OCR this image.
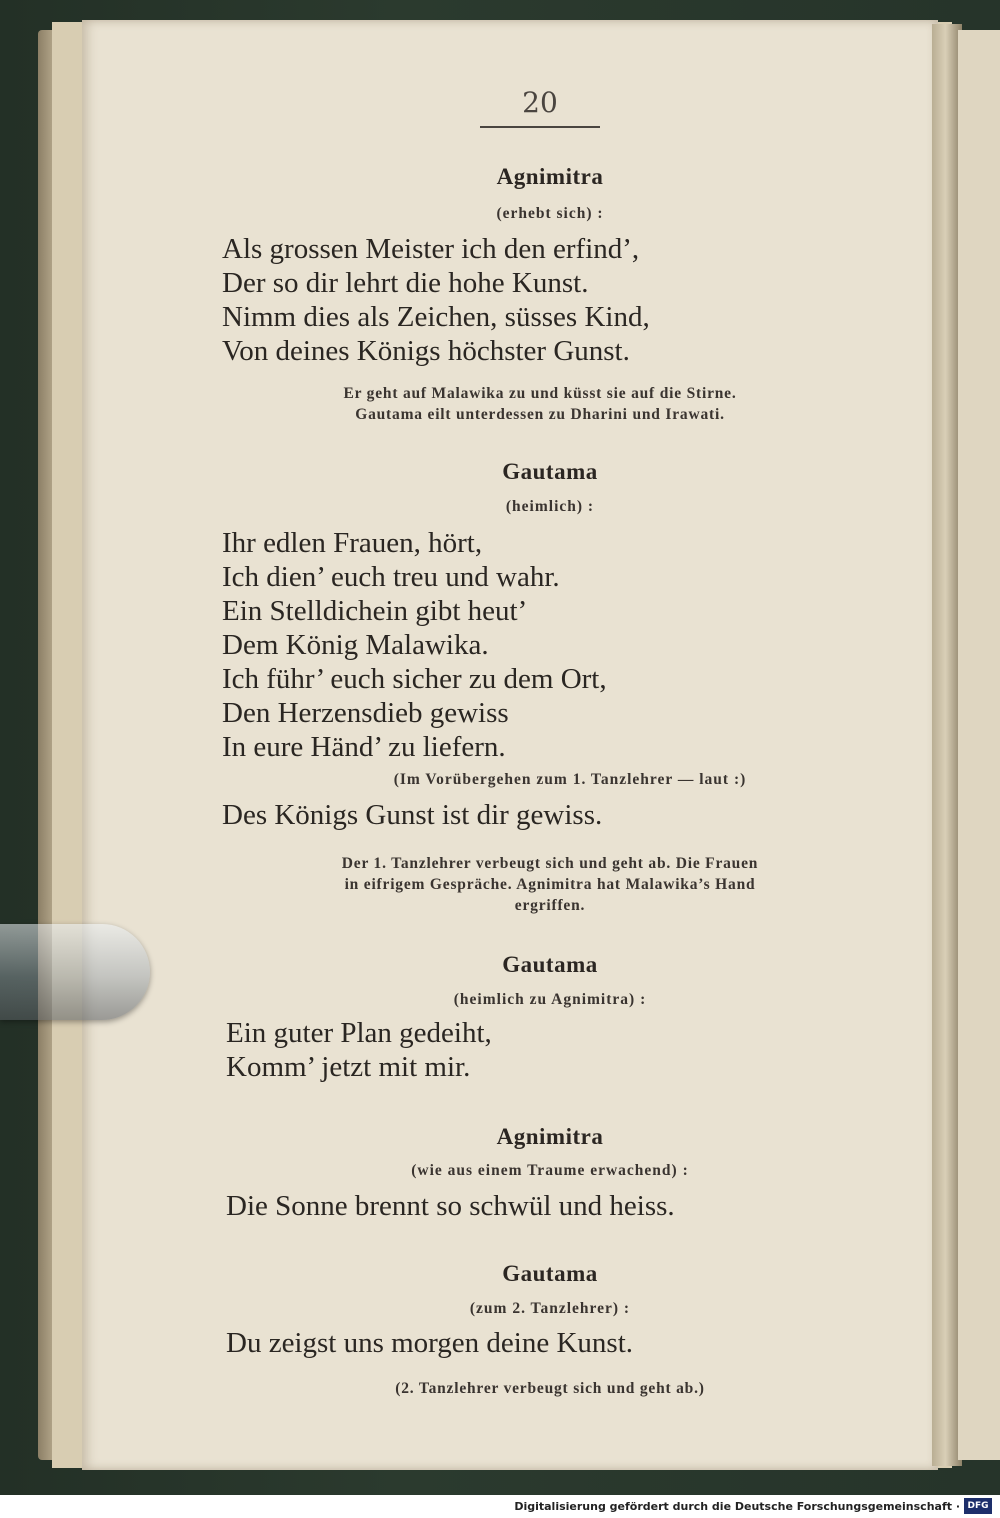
20
Agnimitra
(erhebt sich) :
Als grossen Meister ich den erfind’,
Der so dir lehrt die hohe Kunst.
Nimm dies als Zeichen, süsses Kind,
Von deines Königs höchster Gunst.
Er geht auf Malawika zu und küsst sie auf die Stirne.
Gautama eilt unterdessen zu Dharini und Irawati.
Gautama
(heimlich) :
Ihr edlen Frauen, hört,
Ich dien’ euch treu und wahr.
Ein Stelldichein gibt heut’
Dem König Malawika.
Ich führ’ euch sicher zu dem Ort,
Den Herzensdieb gewiss
In eure Händ’ zu liefern.
(Im Vorübergehen zum 1. Tanzlehrer — laut :)
Des Königs Gunst ist dir gewiss.
Der 1. Tanzlehrer verbeugt sich und geht ab. Die Frauen
in eifrigem Gespräche. Agnimitra hat Malawika’s Hand
ergriffen.
Gautama
(heimlich zu Agnimitra) :
Ein guter Plan gedeiht,
Komm’ jetzt mit mir.
Agnimitra
(wie aus einem Traume erwachend) :
Die Sonne brennt so schwül und heiss.
Gautama
(zum 2. Tanzlehrer) :
Du zeigst uns morgen deine Kunst.
(2. Tanzlehrer verbeugt sich und geht ab.)
Digitalisierung gefördert durch die Deutsche Forschungsgemeinschaft · DFG
